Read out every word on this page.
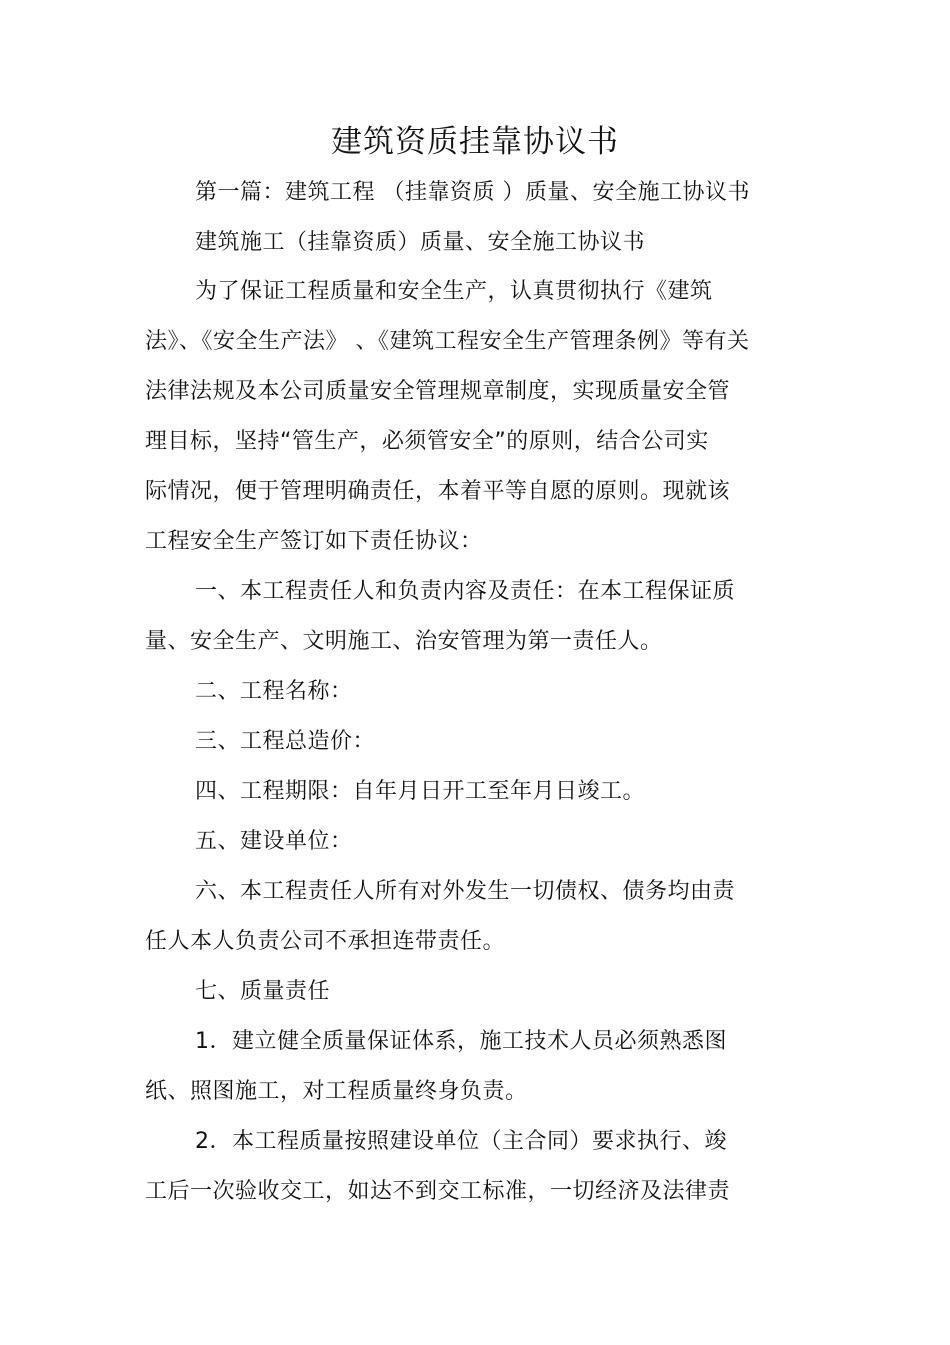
建筑资质挂靠协议书
第一篇：建筑工程 （挂靠资质 ）质量、安全施工协议书
建筑施工（挂靠资质）质量、安全施工协议书
为了保证工程质量和安全生产，认真贯彻执行《建筑
法》、《安全生产法》 、《建筑工程安全生产管理条例》等有关
法律法规及本公司质量安全管理规章制度，实现质量安全管
理目标，坚持“管生产，必须管安全”的原则，结合公司实
际情况，便于管理明确责任，本着平等自愿的原则。现就该
工程安全生产签订如下责任协议：
一、本工程责任人和负责内容及责任：在本工程保证质
量、安全生产、文明施工、治安管理为第一责任人。
二、工程名称：
三、工程总造价：
四、工程期限：自年月日开工至年月日竣工。
五、建设单位：
六、本工程责任人所有对外发生一切债权、债务均由责
任人本人负责公司不承担连带责任。
七、质量责任
1．建立健全质量保证体系，施工技术人员必须熟悉图
纸、照图施工，对工程质量终身负责。
2．本工程质量按照建设单位（主合同）要求执行、竣
工后一次验收交工，如达不到交工标准，一切经济及法律责
